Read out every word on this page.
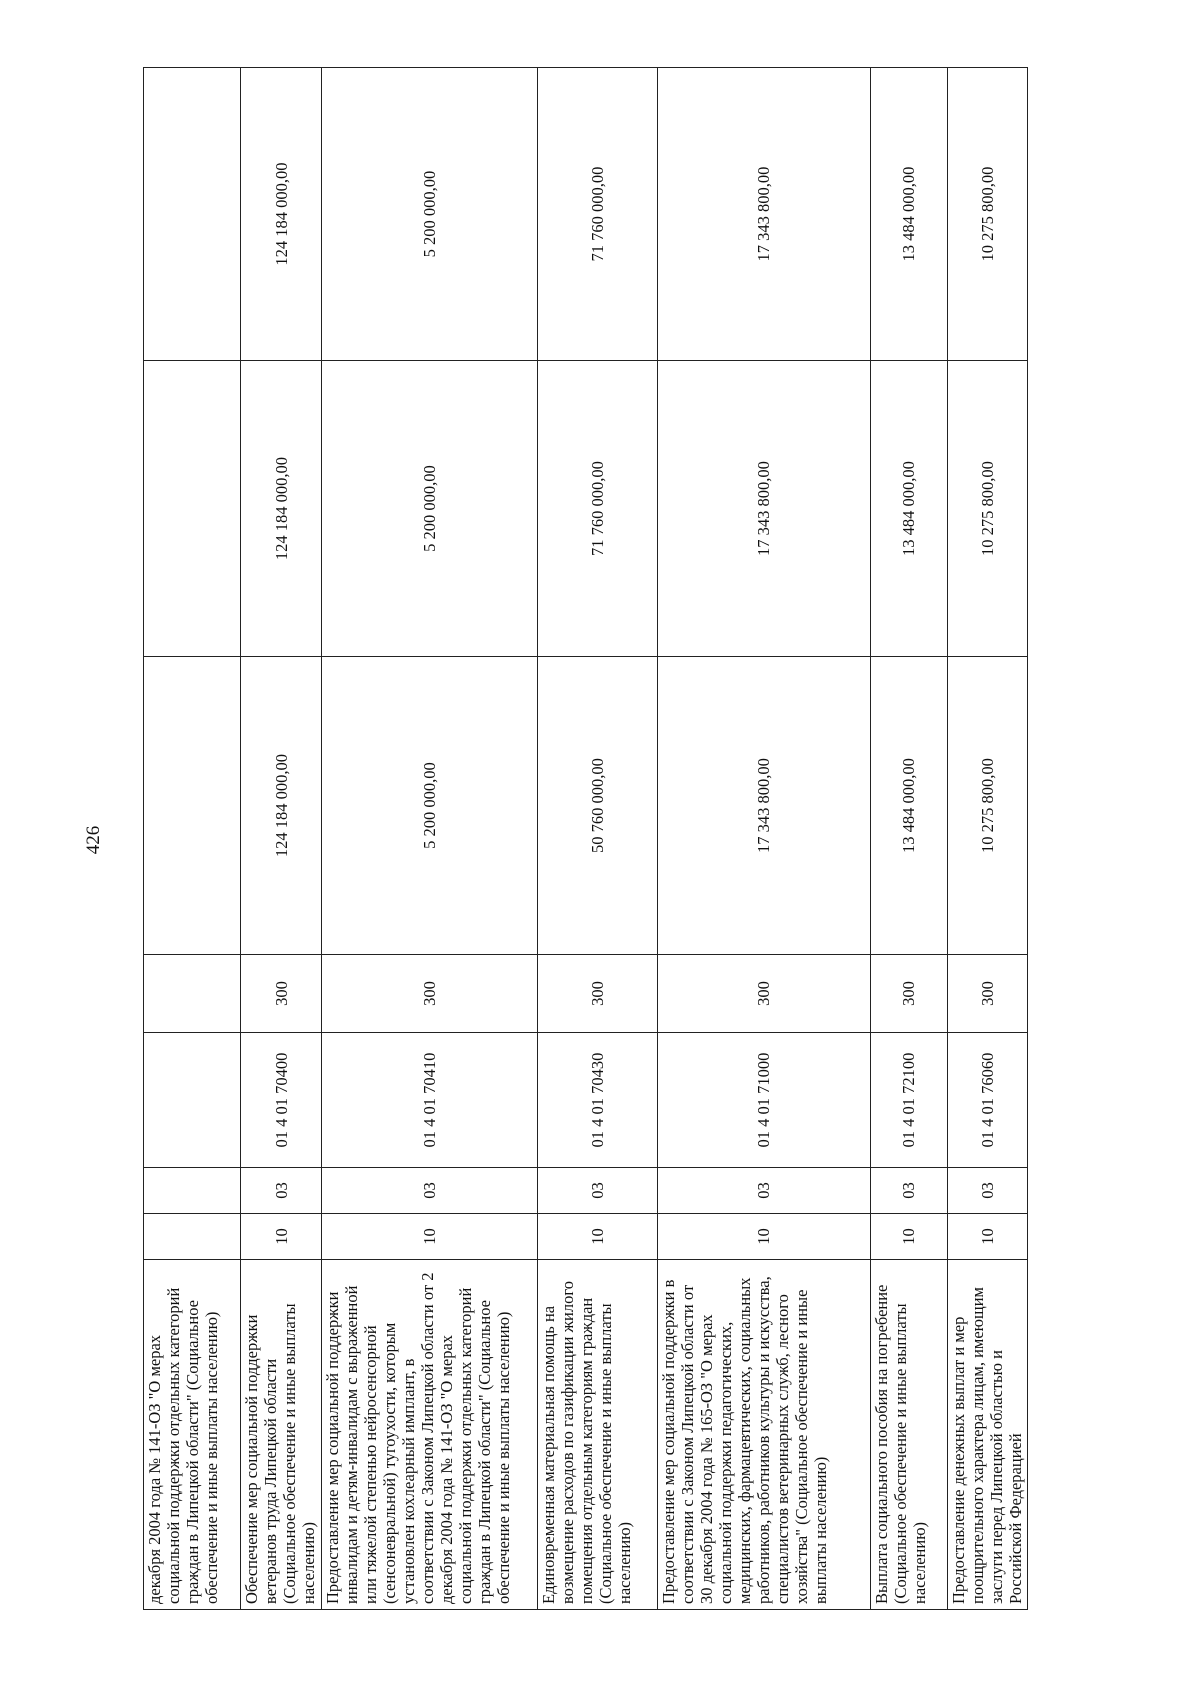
426
декабря 2004 года № 141-ОЗ "О мерах социальной поддержки отдельных категорий граждан в Липецкой области" (Социальное обеспечение и иные выплаты населению)							
Обеспечение мер социальной поддержки ветеранов труда Липецкой области (Социальное обеспечение и иные выплаты населению)	10	03	01 4 01 70400	300	124 184 000,00	124 184 000,00	124 184 000,00
Предоставление мер социальной поддержки инвалидам и детям-инвалидам с выраженной или тяжелой степенью нейросенсорной (сенсоневральной) тугоухости, которым установлен кохлеарный имплант, в соответствии с Законом Липецкой области от 2 декабря 2004 года № 141-ОЗ "О мерах социальной поддержки отдельных категорий граждан в Липецкой области" (Социальное обеспечение и иные выплаты населению)	10	03	01 4 01 70410	300	5 200 000,00	5 200 000,00	5 200 000,00
Единовременная материальная помощь на возмещение расходов по газификации жилого помещения отдельным категориям граждан (Социальное обеспечение и иные выплаты населению)	10	03	01 4 01 70430	300	50 760 000,00	71 760 000,00	71 760 000,00
Предоставление мер социальной поддержки в соответствии с Законом Липецкой области от 30 декабря 2004 года № 165-ОЗ "О мерах социальной поддержки педагогических, медицинских, фармацевтических, социальных работников, работников культуры и искусства, специалистов ветеринарных служб, лесного хозяйства" (Социальное обеспечение и иные выплаты населению)	10	03	01 4 01 71000	300	17 343 800,00	17 343 800,00	17 343 800,00
Выплата социального пособия на погребение (Социальное обеспечение и иные выплаты населению)	10	03	01 4 01 72100	300	13 484 000,00	13 484 000,00	13 484 000,00
Предоставление денежных выплат и мер поощрительного характера лицам, имеющим заслуги перед Липецкой областью и Российской Федерацией	10	03	01 4 01 76060	300	10 275 800,00	10 275 800,00	10 275 800,00
